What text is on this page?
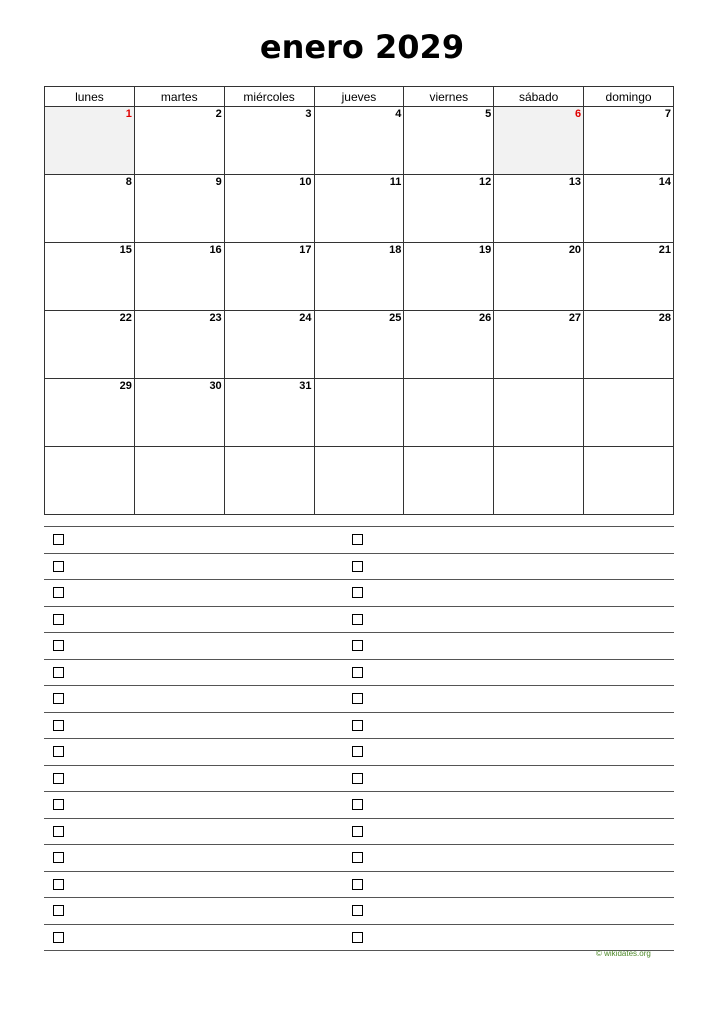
enero 2029
lunes	martes	miércoles	jueves	viernes	sábado	domingo
1	2	3	4	5	6	7
8	9	10	11	12	13	14
15	16	17	18	19	20	21
22	23	24	25	26	27	28
29	30	31				

© wikidates.org
